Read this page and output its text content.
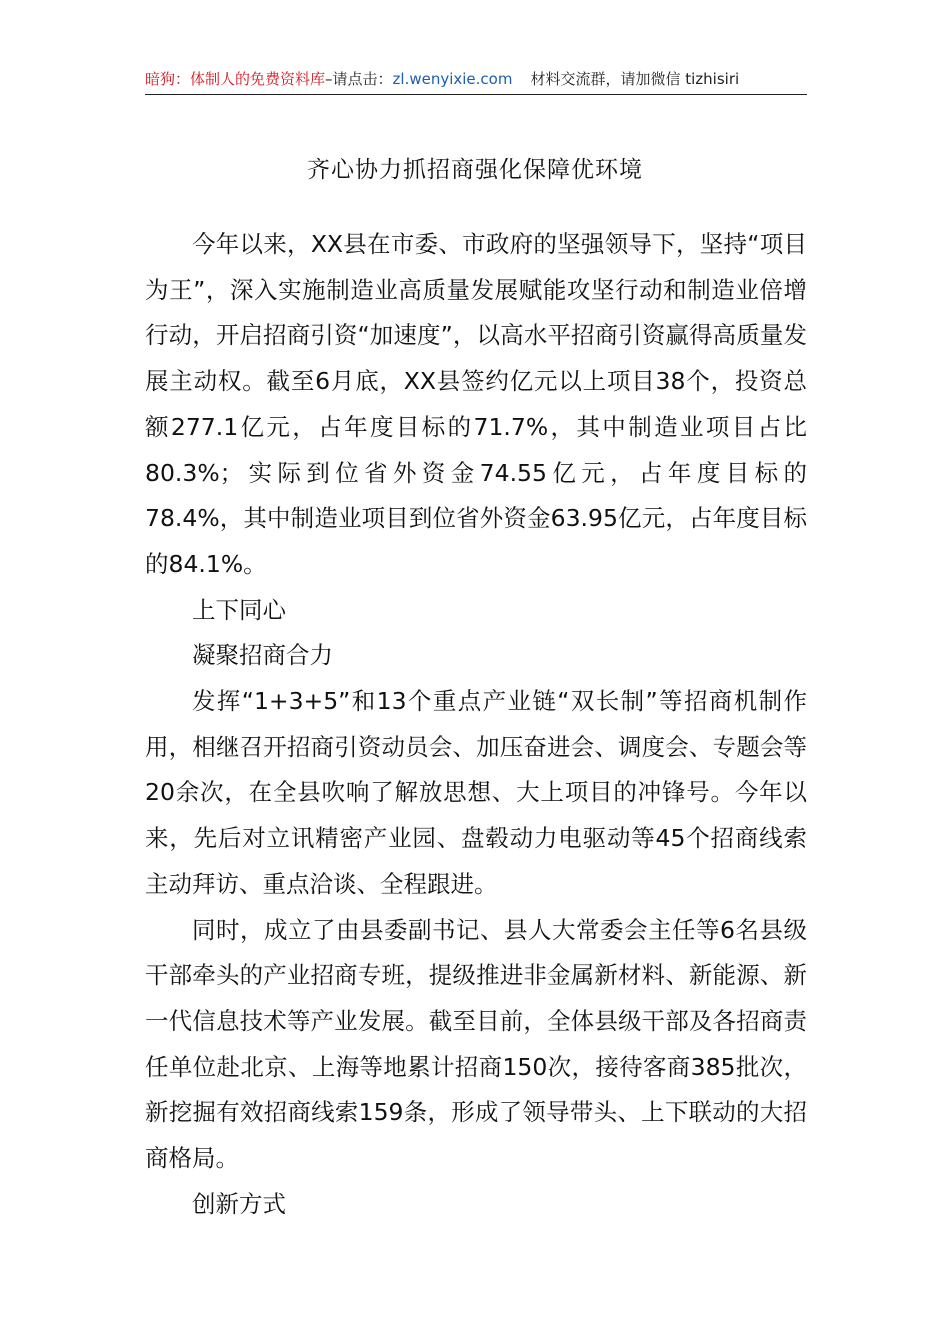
暗狗：体制人的免费资料库–请点击：zl.wenyixie.com 材料交流群，请加微信 tizhisiri
齐心协力抓招商强化保障优环境

今年以来，XX县在市委、市政府的坚强领导下，坚持“项目为王”，深入实施制造业高质量发展赋能攻坚行动和制造业倍增行动，开启招商引资“加速度”，以高水平招商引资赢得高质量发展主动权。截至6月底，XX县签约亿元以上项目38个，投资总额277.1亿元，占年度目标的71.7%，其中制造业项目占比80.3%；实际到位省外资金74.55亿元，占年度目标的78.4%，其中制造业项目到位省外资金63.95亿元，占年度目标的84.1%。

上下同心

凝聚招商合力

发挥“1+3+5”和13个重点产业链“双长制”等招商机制作用，相继召开招商引资动员会、加压奋进会、调度会、专题会等20余次，在全县吹响了解放思想、大上项目的冲锋号。今年以来，先后对立讯精密产业园、盘毂动力电驱动等45个招商线索主动拜访、重点洽谈、全程跟进。

同时，成立了由县委副书记、县人大常委会主任等6名县级干部牵头的产业招商专班，提级推进非金属新材料、新能源、新一代信息技术等产业发展。截至目前，全体县级干部及各招商责任单位赴北京、上海等地累计招商150次，接待客商385批次，新挖掘有效招商线索159条，形成了领导带头、上下联动的大招商格局。

创新方式
